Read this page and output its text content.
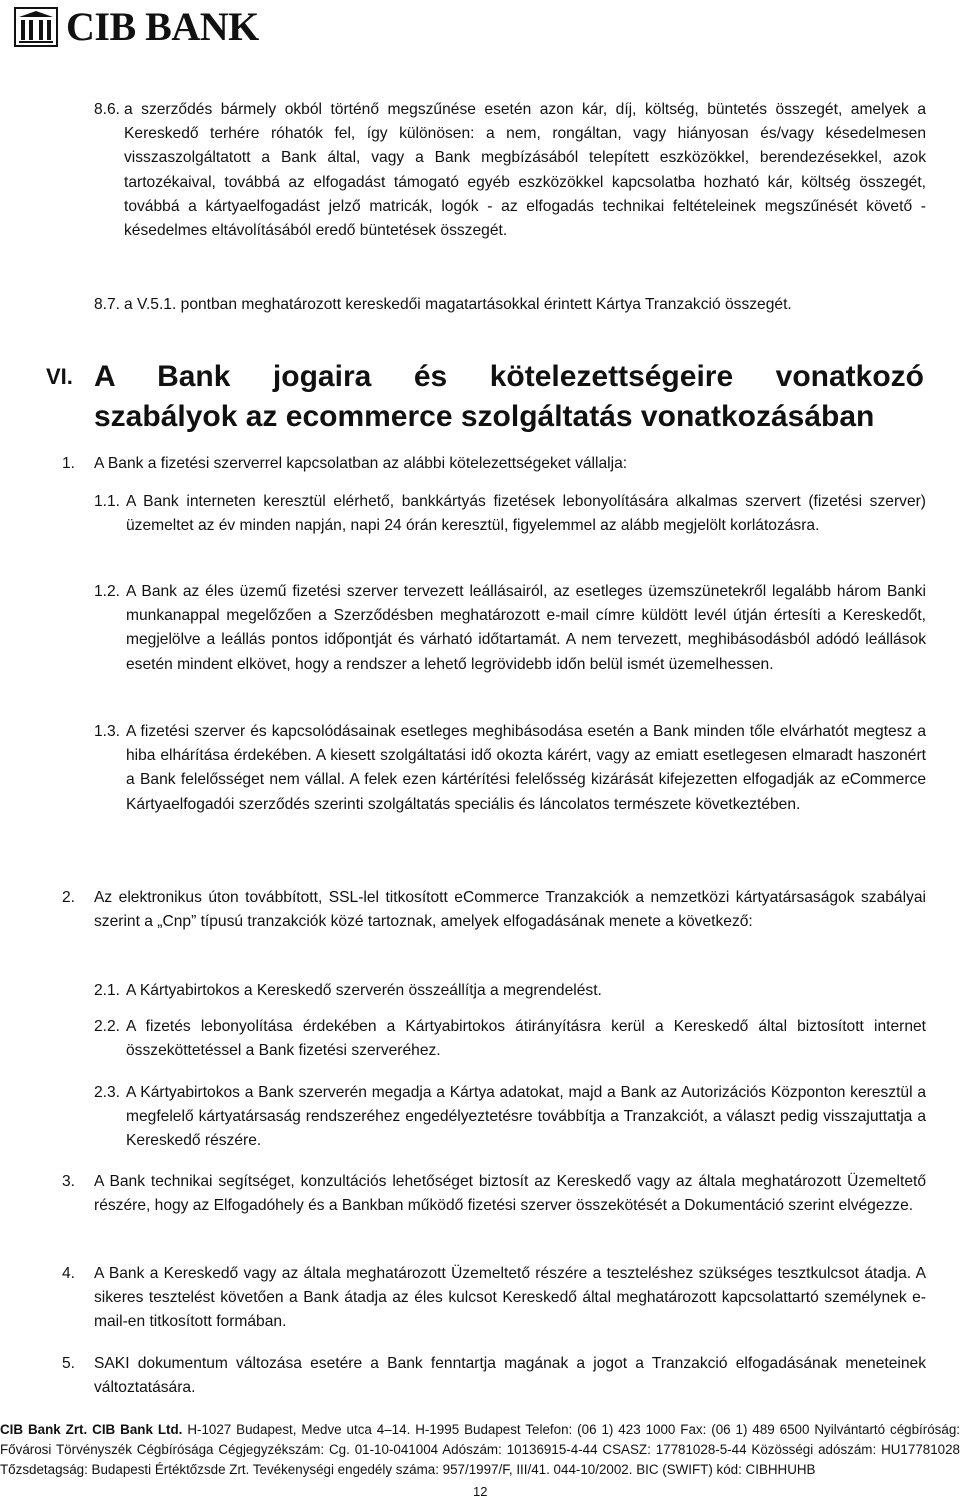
CIB BANK
8.6. a szerződés bármely okból történő megszűnése esetén azon kár, díj, költség, büntetés összegét, amelyek a Kereskedő terhére róhatók fel, így különösen: a nem, rongáltan, vagy hiányosan és/vagy késedelmesen visszaszolgáltatott a Bank által, vagy a Bank megbízásából telepített eszközökkel, berendezésekkel, azok tartozékaival, továbbá az elfogadást támogató egyéb eszközökkel kapcsolatba hozható kár, költség összegét, továbbá a kártyaelfogadást jelző matricák, logók - az elfogadás technikai feltételeinek megszűnését követő - késedelmes eltávolításából eredő büntetések összegét.
8.7. a V.5.1. pontban meghatározott kereskedői magatartásokkal érintett Kártya Tranzakció összegét.
VI. A Bank jogaira és kötelezettségeire vonatkozó
szabályok az ecommerce szolgáltatás vonatkozásában
1. A Bank a fizetési szerverrel kapcsolatban az alábbi kötelezettségeket vállalja:
1.1. A Bank interneten keresztül elérhető, bankkártyás fizetések lebonyolítására alkalmas szervert (fizetési szerver) üzemeltet az év minden napján, napi 24 órán keresztül, figyelemmel az alább megjelölt korlátozásra.
1.2. A Bank az éles üzemű fizetési szerver tervezett leállásairól, az esetleges üzemszünetekről legalább három Banki munkanappal megelőzően a Szerződésben meghatározott e-mail címre küldött levél útján értesíti a Kereskedőt, megjelölve a leállás pontos időpontját és várható időtartamát. A nem tervezett, meghibásodásból adódó leállások esetén mindent elkövet, hogy a rendszer a lehető legrövidebb időn belül ismét üzemelhessen.
1.3. A fizetési szerver és kapcsolódásainak esetleges meghibásodása esetén a Bank minden tőle elvárhatót megtesz a hiba elhárítása érdekében. A kiesett szolgáltatási idő okozta kárért, vagy az emiatt esetlegesen elmaradt haszonért a Bank felelősséget nem vállal. A felek ezen kártérítési felelősség kizárását kifejezetten elfogadják az eCommerce Kártyaelfogadói szerződés szerinti szolgáltatás speciális és láncolatos természete következtében.
2. Az elektronikus úton továbbított, SSL-lel titkosított eCommerce Tranzakciók a nemzetközi kártyatársaságok szabályai szerint a „Cnp” típusú tranzakciók közé tartoznak, amelyek elfogadásának menete a következő:
2.1. A Kártyabirtokos a Kereskedő szerverén összeállítja a megrendelést.
2.2. A fizetés lebonyolítása érdekében a Kártyabirtokos átirányításra kerül a Kereskedő által biztosított internet összeköttetéssel a Bank fizetési szerveréhez.
2.3. A Kártyabirtokos a Bank szerverén megadja a Kártya adatokat, majd a Bank az Autorizációs Központon keresztül a megfelelő kártyatársaság rendszeréhez engedélyeztetésre továbbítja a Tranzakciót, a választ pedig visszajuttatja a Kereskedő részére.
3. A Bank technikai segítséget, konzultációs lehetőséget biztosít az Kereskedő vagy az általa meghatározott Üzemeltető részére, hogy az Elfogadóhely és a Bankban működő fizetési szerver összekötését a Dokumentáció szerint elvégezze.
4. A Bank a Kereskedő vagy az általa meghatározott Üzemeltető részére a teszteléshez szükséges tesztkulcsot átadja. A sikeres tesztelést követően a Bank átadja az éles kulcsot Kereskedő által meghatározott kapcsolattartó személynek e-mail-en titkosított formában.
5. SAKI dokumentum változása esetére a Bank fenntartja magának a jogot a Tranzakció elfogadásának meneteinek változtatására.
CIB Bank Zrt. CIB Bank Ltd. H-1027 Budapest, Medve utca 4–14. H-1995 Budapest Telefon: (06 1) 423 1000 Fax: (06 1) 489 6500 Nyilvántartó cégbíróság: Fővárosi Törvényszék Cégbírósága Cégjegyzékszám: Cg. 01-10-041004 Adószám: 10136915-4-44 CSASZ: 17781028-5-44 Közösségi adószám: HU17781028 Tőzsdetagság: Budapesti Értéktőzsde Zrt. Tevékenységi engedély száma: 957/1997/F, III/41. 044-10/2002. BIC (SWIFT) kód: CIBHHUHB
12
